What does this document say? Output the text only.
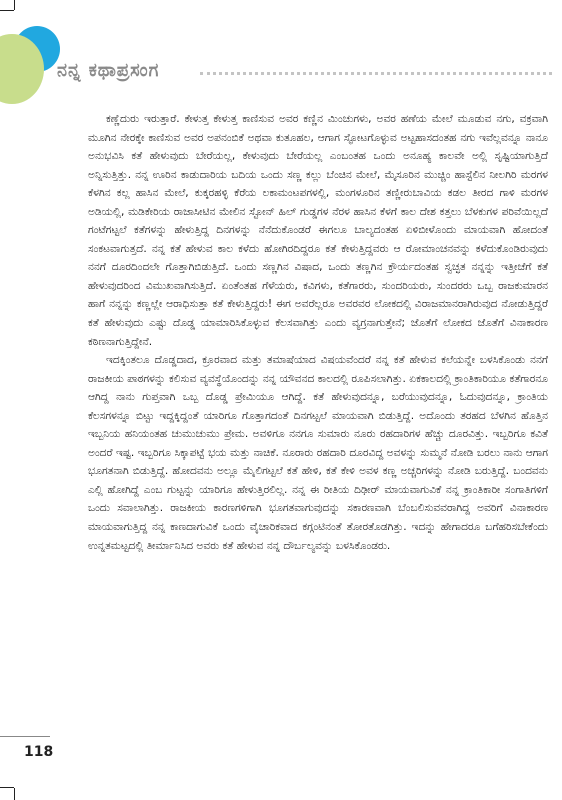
ನನ್ನ ಕಥಾಪ್ರಸಂಗ

ಕಣ್ಣೆದುರು ಇರುತ್ತಾರೆ. ಕೇಳುತ್ತ ಕೇಳುತ್ತ ಕಾಣಿಸುವ ಅವರ ಕಣ್ಣಿನ ಮಿಂಚುಗಳು, ಅವರ ಹಣೆಯ ಮೇಲೆ ಮೂಡುವ ನಗು, ವಕ್ರವಾಗಿ ಮೂಗಿನ ನೇರಕ್ಕೇ ಕಾಣಿಸುವ ಅವರ ಅಪನಂಬಿಕೆ ಅಥವಾ ಕುತೂಹಲ, ಆಗಾಗ ಸ್ಫೋಟಗೊಳ್ಳುವ ಅಟ್ಟಹಾಸದಂತಹ ನಗು ಇವೆಲ್ಲವನ್ನೂ ನಾನೂ ಅನುಭವಿಸಿ ಕತೆ ಹೇಳುವುದು ಬೇರೆಯಲ್ಲ, ಕೇಳುವುದು ಬೇರೆಯಲ್ಲ ಎಂಬಂತಹ ಒಂದು ಅನೂಹ್ಯ ಕಾಲವೇ ಅಲ್ಲಿ ಸೃಷ್ಟಿಯಾಗುತ್ತಿದೆ ಅನ್ನಿಸುತ್ತಿತ್ತು. ನನ್ನ ಊರಿನ ಕಾಡುದಾರಿಯ ಬದಿಯ ಒಂದು ಸಣ್ಣ ಕಲ್ಲು ಬೆಂಚಿನ ಮೇಲೆ, ಮೈಸೂರಿನ ಮುಚ್ಚಿಂ ಹಾಸ್ಟೆಲಿನ ನೀಲಗಿರಿ ಮರಗಳ ಕೆಳಗಿನ ಕಲ್ಲ ಹಾಸಿನ ಮೇಲೆ, ಕುಕ್ಕರಹಳ್ಳಿ ಕೆರೆಯ ಲಕಾಮಂಟಪಗಳಲ್ಲಿ, ಮಂಗಳೂರಿನ ತಣ್ಣೀರುಬಾವಿಯ ಕಡಲ ತೀರದ ಗಾಳಿ ಮರಗಳ ಅಡಿಯಲ್ಲಿ, ಮಡಿಕೇರಿಯ ರಾಜಾಸೀಟಿನ ಮೇಲಿನ ಸ್ಟೋನ್ ಹಿಲ್ ಗುಡ್ಡಗಳ ನೆರಳ ಹಾಸಿನ ಕೆಳಗೆ ಕಾಲ ದೇಶ ಕತ್ತಲು ಬೆಳಕುಗಳ ಪರಿವೆಯಿಲ್ಲದೆ ಗಂಟೆಗಟ್ಟಲೆ ಕತೆಗಳನ್ನು ಹೇಳುತ್ತಿದ್ದ ದಿನಗಳನ್ನು ನೆನೆದುಕೊಂಡರೆ ಈಗಲೂ ಬಾಲ್ಯದಂತಹ ಏಳಿಬೀಳೊಂದು ಮಾಯವಾಗಿ ಹೋದಂತೆ ಸಂಕಟವಾಗುತ್ತದೆ. ನನ್ನ ಕತೆ ಹೇಳುವ ಕಾಲ ಕಳೆದು ಹೋಗಿರದಿದ್ದರೂ ಕತೆ ಕೇಳುತ್ತಿದ್ದವರು ಆ ರೋಮಾಂಚನವನ್ನು ಕಳೆದುಕೊಂಡಿರುವುದು ನನಗೆ ದೂರದಿಂದಲೇ ಗೊತ್ತಾಗಿಬಿಡುತ್ತಿದೆ. ಒಂದು ಸಣ್ಣಗಿನ ವಿಷಾದ, ಒಂದು ತಣ್ಣಗಿನ ಕ್ರೌರ್ಯದಂತಹ ಸ್ವಚ್ಛತ ನನ್ನನ್ನು ಇತ್ತೀಚೆಗೆ ಕತೆ ಹೇಳುವುದರಿಂದ ವಿಮುಖವಾಗಿಸುತ್ತಿದೆ. ಏಂತೆಂತಹ ಗೆಳೆಯರು, ಕವಿಗಳು, ಕತೆಗಾರರು, ಸುಂದರಿಯರು, ಸುಂದರರು ಒಬ್ಬ ರಾಜಕುಮಾರನ ಹಾಗೆ ನನ್ನನ್ನು ಕಣ್ಣಲ್ಲೇ ಆರಾಧಿಸುತ್ತಾ ಕತೆ ಕೇಳುತ್ತಿದ್ದರು! ಈಗ ಅವರೆಲ್ಲರೂ ಅವರವರ ಲೋಕದಲ್ಲಿ ವಿರಾಜಮಾನರಾಗಿರುವುದ ನೋಡುತ್ತಿದ್ದರೆ ಕತೆ ಹೇಳುವುದು ಎಷ್ಟು ದೊಡ್ಡ ಯಾಮಾರಿಸಿಕೊಳ್ಳುವ ಕೆಲಸವಾಗಿತ್ತು ಎಂದು ವ್ಯಗ್ರನಾಗುತ್ತೇನೆ; ಜೊತೆಗೆ ಲೋಕದ ಜೊತೆಗೆ ವಿನಾಕಾರಣ ಕಠಿಣನಾಗುತ್ತಿದ್ದೇನೆ.

ಇದಕ್ಕಿಂತಲೂ ದೊಡ್ಡದಾದ, ಕ್ರೂರವಾದ ಮತ್ತು ತಮಾಷೆಯಾದ ವಿಷಯವೆಂದರೆ ನನ್ನ ಕತೆ ಹೇಳುವ ಕಲೆಯನ್ನೇ ಬಳಸಿಕೊಂಡು ನನಗೆ ರಾಜಕೀಯ ಪಾಠಗಳನ್ನು ಕಲಿಸುವ ವ್ಯವಸ್ಥೆಯೊಂದನ್ನು ನನ್ನ ಯೌವನದ ಕಾಲದಲ್ಲಿ ರೂಪಿಸಲಾಗಿತ್ತು. ಏಕಕಾಲದಲ್ಲಿ ಕ್ರಾಂತಿಕಾರಿಯೂ ಕತೆಗಾರನೂ ಆಗಿದ್ದ ನಾನು ಗುಪ್ತವಾಗಿ ಒಬ್ಬ ದೊಡ್ಡ ಪ್ರೇಮಿಯೂ ಆಗಿದ್ದೆ. ಕತೆ ಹೇಳುವುದನ್ನೂ, ಬರೆಯುವುದನ್ನೂ, ಓದುವುದನ್ನೂ, ಕ್ರಾಂತಿಯ ಕೆಲಸಗಳನ್ನೂ ಬಿಟ್ಟು ಇದ್ದಕ್ಕಿದ್ದಂತೆ ಯಾರಿಗೂ ಗೊತ್ತಾಗದಂತೆ ದಿನಗಟ್ಟಲೆ ಮಾಯವಾಗಿ ಬಿಡುತ್ತಿದ್ದೆ. ಅದೊಂದು ತರಹದ ಬೆಳಗಿನ ಹೊತ್ತಿನ ಇಬ್ಬನಿಯ ಹನಿಯಂತಹ ಚುಮುಚುಮು ಪ್ರೇಮ. ಅವಳಿಗೂ ನನಗೂ ಸುಮಾರು ನೂರು ರಹದಾರಿಗಳ ಹೆಚ್ಚು ದೂರವಿತ್ತು. ಇಬ್ಬರಿಗೂ ಕವಿತೆ ಅಂದರೆ ಇಷ್ಟ. ಇಬ್ಬರಿಗೂ ಸಿಕ್ಕಾಪಟ್ಟೆ ಭಯ ಮತ್ತು ನಾಚಿಕೆ. ನೂರಾರು ರಹದಾರಿ ದೂರವಿದ್ದ ಅವಳನ್ನು ಸುಮ್ಮನೆ ನೋಡಿ ಬರಲು ನಾನು ಆಗಾಗ ಭೂಗತನಾಗಿ ಬಿಡುತ್ತಿದ್ದೆ. ಹೋದವನು ಅಲ್ಲೂ ಮೈಲಿಗಟ್ಟಲೆ ಕತೆ ಹೇಳಿ, ಕತೆ ಕೇಳಿ ಅವಳ ಕಣ್ಣ ಅಚ್ಚರಿಗಳನ್ನು ನೋಡಿ ಬರುತ್ತಿದ್ದೆ. ಬಂದವನು ಎಲ್ಲಿ ಹೋಗಿದ್ದೆ ಎಂಬ ಗುಟ್ಟನ್ನು ಯಾರಿಗೂ ಹೇಳುತ್ತಿರಲಿಲ್ಲ. ನನ್ನ ಈ ರೀತಿಯ ದಿಢೀರ್ ಮಾಯವಾಗುವಿಕೆ ನನ್ನ ಕ್ರಾಂತಿಕಾರೀ ಸಂಗಾತಿಗಳಿಗೆ ಒಂದು ಸವಾಲಾಗಿತ್ತು. ರಾಜಕೀಯ ಕಾರಣಗಳಿಗಾಗಿ ಭೂಗತವಾಗುವುದನ್ನು ಸಕಾರಣವಾಗಿ ಬೆಂಬಲಿಸುವವರಾಗಿದ್ದ ಅವರಿಗೆ ವಿನಾಕಾರಣ ಮಾಯವಾಗುತ್ತಿದ್ದ ನನ್ನ ಕಾಣದಾಗುವಿಕೆ ಒಂದು ವೈಚಾರಿಕವಾದ ಕಗ್ಗಂಟಿನಂತೆ ತೋರತೊಡಗಿತ್ತು. ಇದನ್ನು ಹೇಗಾದರೂ ಬಗೆಹರಿಸಬೇಕೆಂದು ಉನ್ನತಮಟ್ಟದಲ್ಲಿ ತೀರ್ಮಾನಿಸಿದ ಅವರು ಕತೆ ಹೇಳುವ ನನ್ನ ದೌರ್ಬಲ್ಯವನ್ನು ಬಳಸಿಕೊಂಡರು.

118
